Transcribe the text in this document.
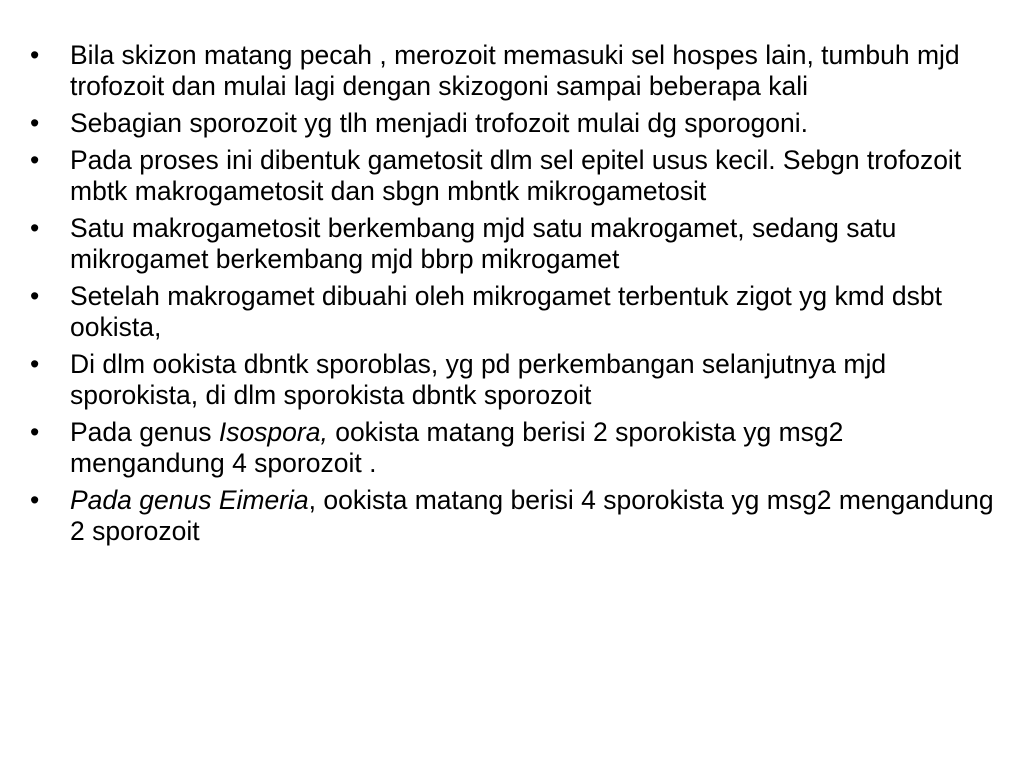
•	Bila skizon matang pecah , merozoit memasuki sel hospes lain, tumbuh mjd trofozoit dan mulai lagi dengan skizogoni sampai beberapa kali
•	Sebagian sporozoit yg tlh menjadi trofozoit mulai dg sporogoni.
•	Pada proses ini dibentuk gametosit dlm sel epitel usus kecil. Sebgn trofozoit mbtk makrogametosit dan sbgn mbntk mikrogametosit
•	Satu makrogametosit berkembang mjd satu makrogamet, sedang satu mikrogamet berkembang mjd bbrp mikrogamet
•	Setelah makrogamet dibuahi oleh mikrogamet terbentuk zigot yg kmd dsbt ookista,
•	Di dlm ookista dbntk sporoblas, yg pd perkembangan selanjutnya mjd sporokista, di dlm sporokista dbntk sporozoit
•	Pada genus Isospora, ookista matang berisi 2 sporokista yg msg2 mengandung 4 sporozoit .
•	Pada genus Eimeria, ookista matang berisi 4 sporokista yg msg2 mengandung 2 sporozoit
